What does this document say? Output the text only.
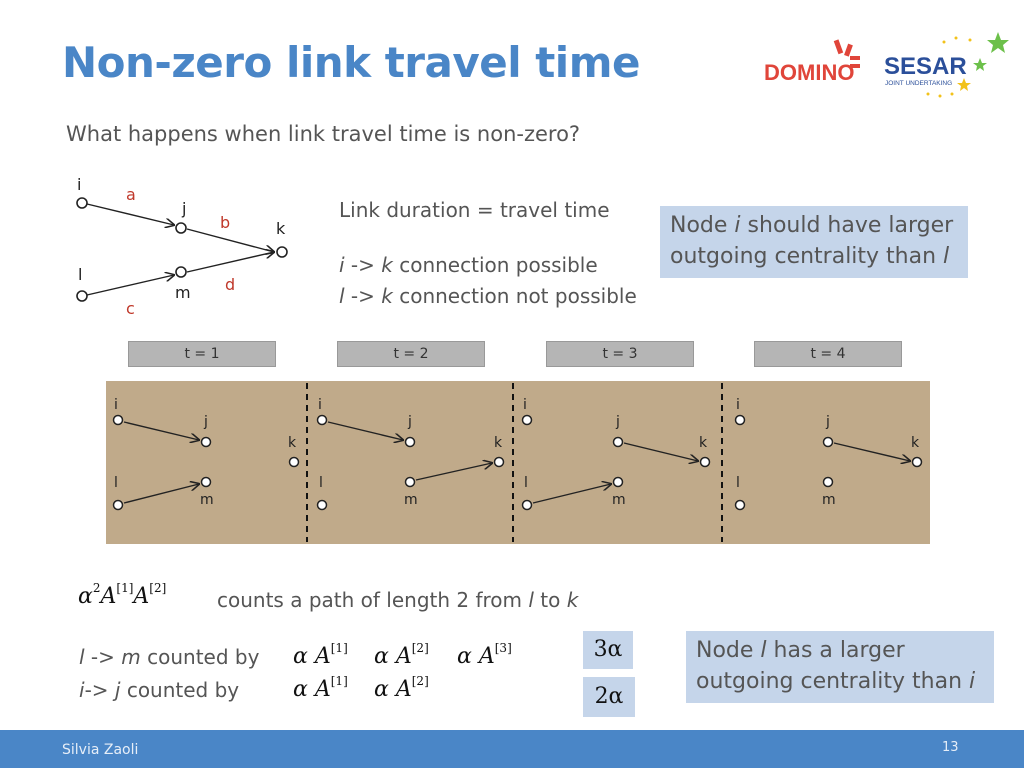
Non-zero link travel time
What happens when link travel time is non-zero?
DOMINO SESAR
JOINT UNDERTAKING
i
j
k
l
m
a
b
c
d
Link duration = travel time
i -> k connection possible
l -> k connection not possible
Node i should have larger outgoing centrality than l
t = 1	t = 2	t = 3	t = 4
i
j
k
l
m
i
j
k
l
m
i
j
k
l
m
i
j
k
l
m
$\alpha^2A[1]A[2]$	counts a path of length 2 from l to k
l -> m counted by
i-> j counted by
α A[1] α A[2] α A[3]
α A[1] α A[2]
3α
2α
Node l has a larger outgoing centrality than i
Silvia Zaoli	13
